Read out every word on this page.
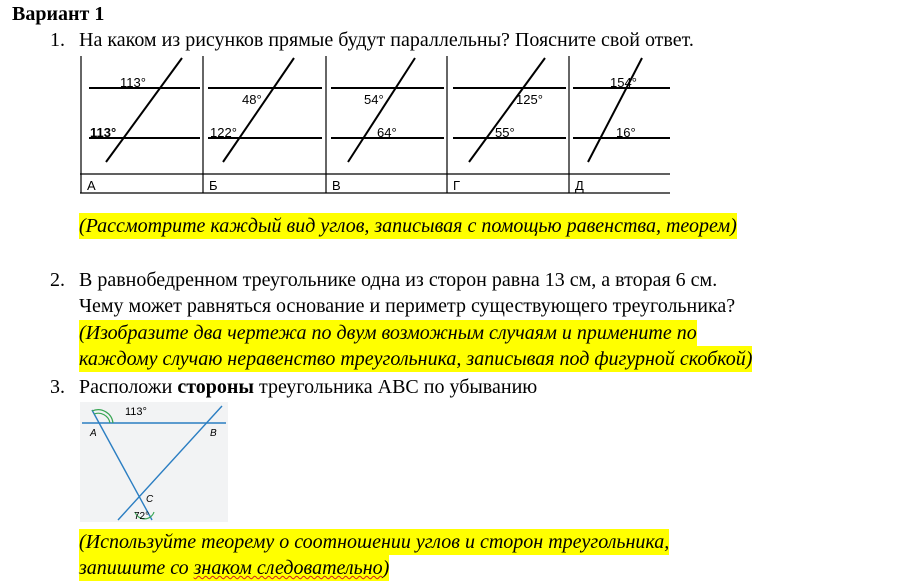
Вариант 1
1. На каком из рисунков прямые будут параллельны? Поясните свой ответ.
113°
113°
48°
122°
54°
64°
125°
55°
154°
16°
А	Б	В	Г	Д
(Рассмотрите каждый вид углов, записывая с помощью равенства, теорем)
2. В равнобедренном треугольнике одна из сторон равна 13 см, а вторая 6 см.
Чему может равняться основание и периметр существующего треугольника?
(Изобразите два чертежа по двум возможным случаям и примените по
каждому случаю неравенство треугольника, записывая под фигурной скобкой)
3. Расположи стороны треугольника ABC по убыванию
113°
72°
A	B
C
(Используйте теорему о соотношении углов и сторон треугольника,
запишите со знаком следовательно)
